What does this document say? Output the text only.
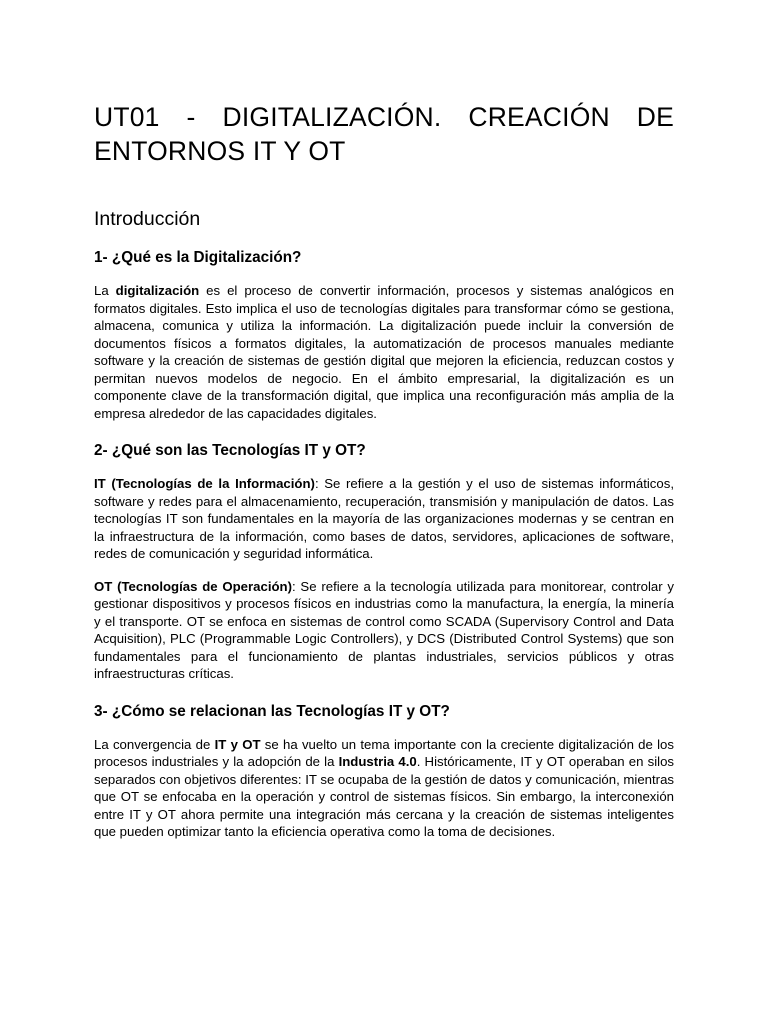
UT01 - DIGITALIZACIÓN. CREACIÓN DE ENTORNOS IT Y OT
Introducción
1- ¿Qué es la Digitalización?

La digitalización es el proceso de convertir información, procesos y sistemas analógicos en formatos digitales. Esto implica el uso de tecnologías digitales para transformar cómo se gestiona, almacena, comunica y utiliza la información. La digitalización puede incluir la conversión de documentos físicos a formatos digitales, la automatización de procesos manuales mediante software y la creación de sistemas de gestión digital que mejoren la eficiencia, reduzcan costos y permitan nuevos modelos de negocio. En el ámbito empresarial, la digitalización es un componente clave de la transformación digital, que implica una reconfiguración más amplia de la empresa alrededor de las capacidades digitales.

2- ¿Qué son las Tecnologías IT y OT?

IT (Tecnologías de la Información): Se refiere a la gestión y el uso de sistemas informáticos, software y redes para el almacenamiento, recuperación, transmisión y manipulación de datos. Las tecnologías IT son fundamentales en la mayoría de las organizaciones modernas y se centran en la infraestructura de la información, como bases de datos, servidores, aplicaciones de software, redes de comunicación y seguridad informática.

OT (Tecnologías de Operación): Se refiere a la tecnología utilizada para monitorear, controlar y gestionar dispositivos y procesos físicos en industrias como la manufactura, la energía, la minería y el transporte. OT se enfoca en sistemas de control como SCADA (Supervisory Control and Data Acquisition), PLC (Programmable Logic Controllers), y DCS (Distributed Control Systems) que son fundamentales para el funcionamiento de plantas industriales, servicios públicos y otras infraestructuras críticas.

3- ¿Cómo se relacionan las Tecnologías IT y OT?

La convergencia de IT y OT se ha vuelto un tema importante con la creciente digitalización de los procesos industriales y la adopción de la Industria 4.0. Históricamente, IT y OT operaban en silos separados con objetivos diferentes: IT se ocupaba de la gestión de datos y comunicación, mientras que OT se enfocaba en la operación y control de sistemas físicos. Sin embargo, la interconexión entre IT y OT ahora permite una integración más cercana y la creación de sistemas inteligentes que pueden optimizar tanto la eficiencia operativa como la toma de decisiones.
